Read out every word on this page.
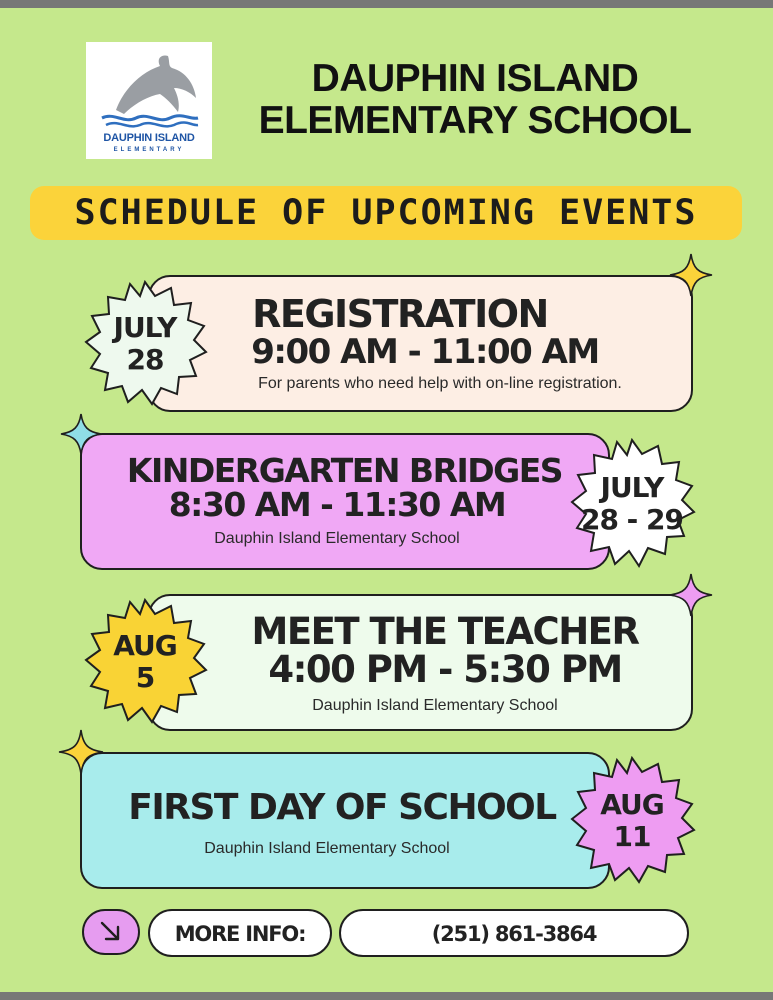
DAUPHIN ISLAND
ELEMENTARY
DAUPHIN ISLAND
ELEMENTARY SCHOOL
SCHEDULE OF UPCOMING EVENTS
REGISTRATION
9:00 AM - 11:00 AM
For parents who need help with on-line registration.
JULY
28
KINDERGARTEN BRIDGES
8:30 AM - 11:30 AM
Dauphin Island Elementary School
JULY
28 - 29
MEET THE TEACHER
4:00 PM - 5:30 PM
Dauphin Island Elementary School
AUG
5
FIRST DAY OF SCHOOL
Dauphin Island Elementary School
AUG
11
MORE INFO:	(251) 861-3864
